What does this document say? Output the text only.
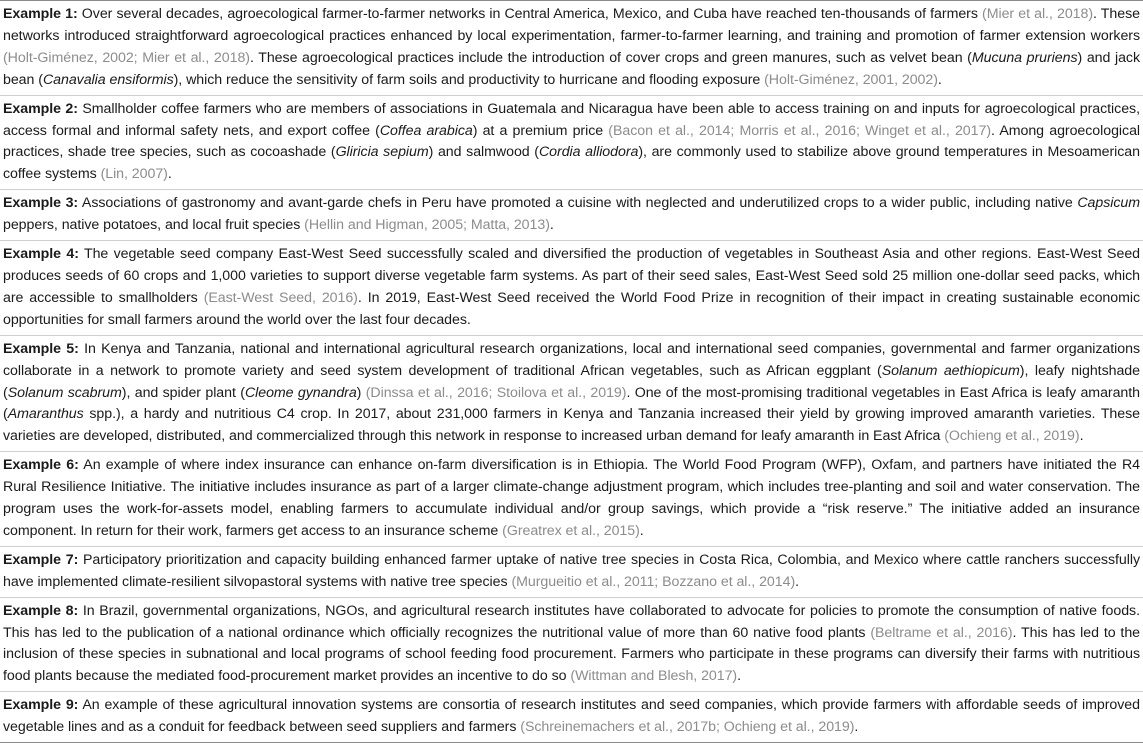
Example 1: Over several decades, agroecological farmer-to-farmer networks in Central America, Mexico, and Cuba have reached ten-thousands of farmers (Mier et al., 2018). These networks introduced straightforward agroecological practices enhanced by local experimentation, farmer-to-farmer learning, and training and promotion of farmer extension workers (Holt-Giménez, 2002; Mier et al., 2018). These agroecological practices include the introduction of cover crops and green manures, such as velvet bean (Mucuna pruriens) and jack bean (Canavalia ensiformis), which reduce the sensitivity of farm soils and productivity to hurricane and flooding exposure (Holt-Giménez, 2001, 2002).
Example 2: Smallholder coffee farmers who are members of associations in Guatemala and Nicaragua have been able to access training on and inputs for agroecological practices, access formal and informal safety nets, and export coffee (Coffea arabica) at a premium price (Bacon et al., 2014; Morris et al., 2016; Winget et al., 2017). Among agroecological practices, shade tree species, such as cocoashade (Gliricia sepium) and salmwood (Cordia alliodora), are commonly used to stabilize above ground temperatures in Mesoamerican coffee systems (Lin, 2007).
Example 3: Associations of gastronomy and avant-garde chefs in Peru have promoted a cuisine with neglected and underutilized crops to a wider public, including native Capsicum peppers, native potatoes, and local fruit species (Hellin and Higman, 2005; Matta, 2013).
Example 4: The vegetable seed company East-West Seed successfully scaled and diversified the production of vegetables in Southeast Asia and other regions. East-West Seed produces seeds of 60 crops and 1,000 varieties to support diverse vegetable farm systems. As part of their seed sales, East-West Seed sold 25 million one-dollar seed packs, which are accessible to smallholders (East-West Seed, 2016). In 2019, East-West Seed received the World Food Prize in recognition of their impact in creating sustainable economic opportunities for small farmers around the world over the last four decades.
Example 5: In Kenya and Tanzania, national and international agricultural research organizations, local and international seed companies, governmental and farmer organizations collaborate in a network to promote variety and seed system development of traditional African vegetables, such as African eggplant (Solanum aethiopicum), leafy nightshade (Solanum scabrum), and spider plant (Cleome gynandra) (Dinssa et al., 2016; Stoilova et al., 2019). One of the most-promising traditional vegetables in East Africa is leafy amaranth (Amaranthus spp.), a hardy and nutritious C4 crop. In 2017, about 231,000 farmers in Kenya and Tanzania increased their yield by growing improved amaranth varieties. These varieties are developed, distributed, and commercialized through this network in response to increased urban demand for leafy amaranth in East Africa (Ochieng et al., 2019).
Example 6: An example of where index insurance can enhance on-farm diversification is in Ethiopia. The World Food Program (WFP), Oxfam, and partners have initiated the R4 Rural Resilience Initiative. The initiative includes insurance as part of a larger climate-change adjustment program, which includes tree-planting and soil and water conservation. The program uses the work-for-assets model, enabling farmers to accumulate individual and/or group savings, which provide a “risk reserve.” The initiative added an insurance component. In return for their work, farmers get access to an insurance scheme (Greatrex et al., 2015).
Example 7: Participatory prioritization and capacity building enhanced farmer uptake of native tree species in Costa Rica, Colombia, and Mexico where cattle ranchers successfully have implemented climate-resilient silvopastoral systems with native tree species (Murgueitio et al., 2011; Bozzano et al., 2014).
Example 8: In Brazil, governmental organizations, NGOs, and agricultural research institutes have collaborated to advocate for policies to promote the consumption of native foods. This has led to the publication of a national ordinance which officially recognizes the nutritional value of more than 60 native food plants (Beltrame et al., 2016). This has led to the inclusion of these species in subnational and local programs of school feeding food procurement. Farmers who participate in these programs can diversify their farms with nutritious food plants because the mediated food-procurement market provides an incentive to do so (Wittman and Blesh, 2017).
Example 9: An example of these agricultural innovation systems are consortia of research institutes and seed companies, which provide farmers with affordable seeds of improved vegetable lines and as a conduit for feedback between seed suppliers and farmers (Schreinemachers et al., 2017b; Ochieng et al., 2019).
